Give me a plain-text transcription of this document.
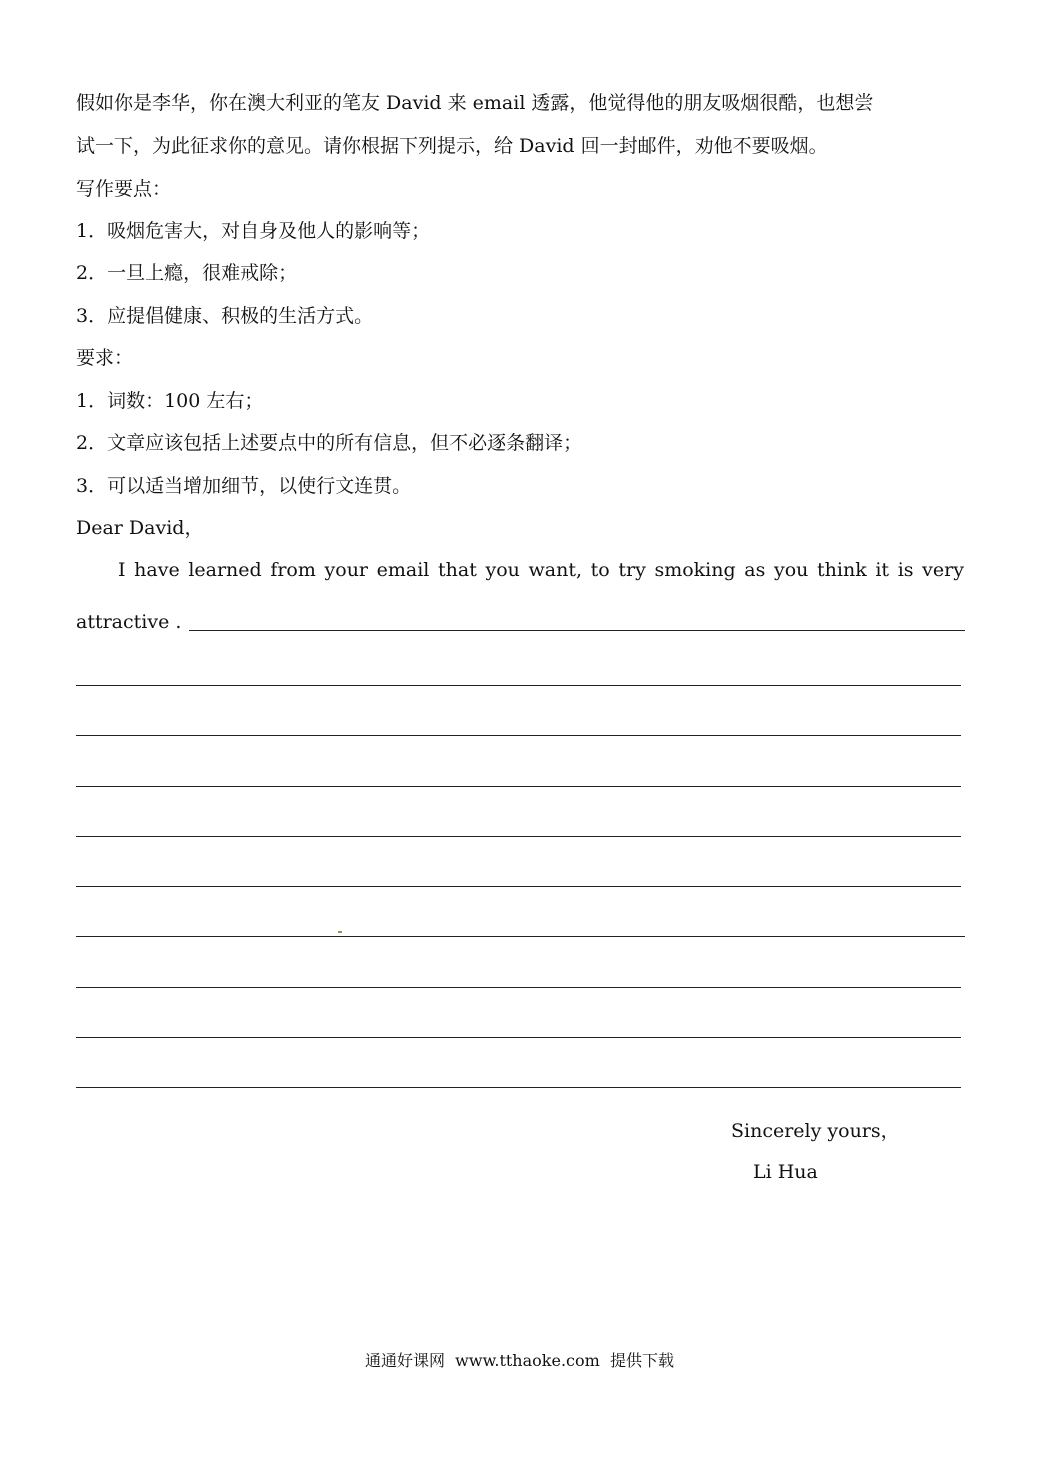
假如你是李华，你在澳大利亚的笔友 David 来 email 透露，他觉得他的朋友吸烟很酷，也想尝
试一下，为此征求你的意见。请你根据下列提示，给 David 回一封邮件，劝他不要吸烟。
写作要点：
1．吸烟危害大，对自身及他人的影响等；
2．一旦上瘾，很难戒除；
3．应提倡健康、积极的生活方式。
要求：
1．词数：100 左右；
2．文章应该包括上述要点中的所有信息，但不必逐条翻译；
3．可以适当增加细节，以使行文连贯。
Dear David，
I have learned from your email that you want, to try smoking as you think it is very
attractive .
Sincerely yours，
Li Hua
通通好课网  www.tthaoke.com  提供下载
